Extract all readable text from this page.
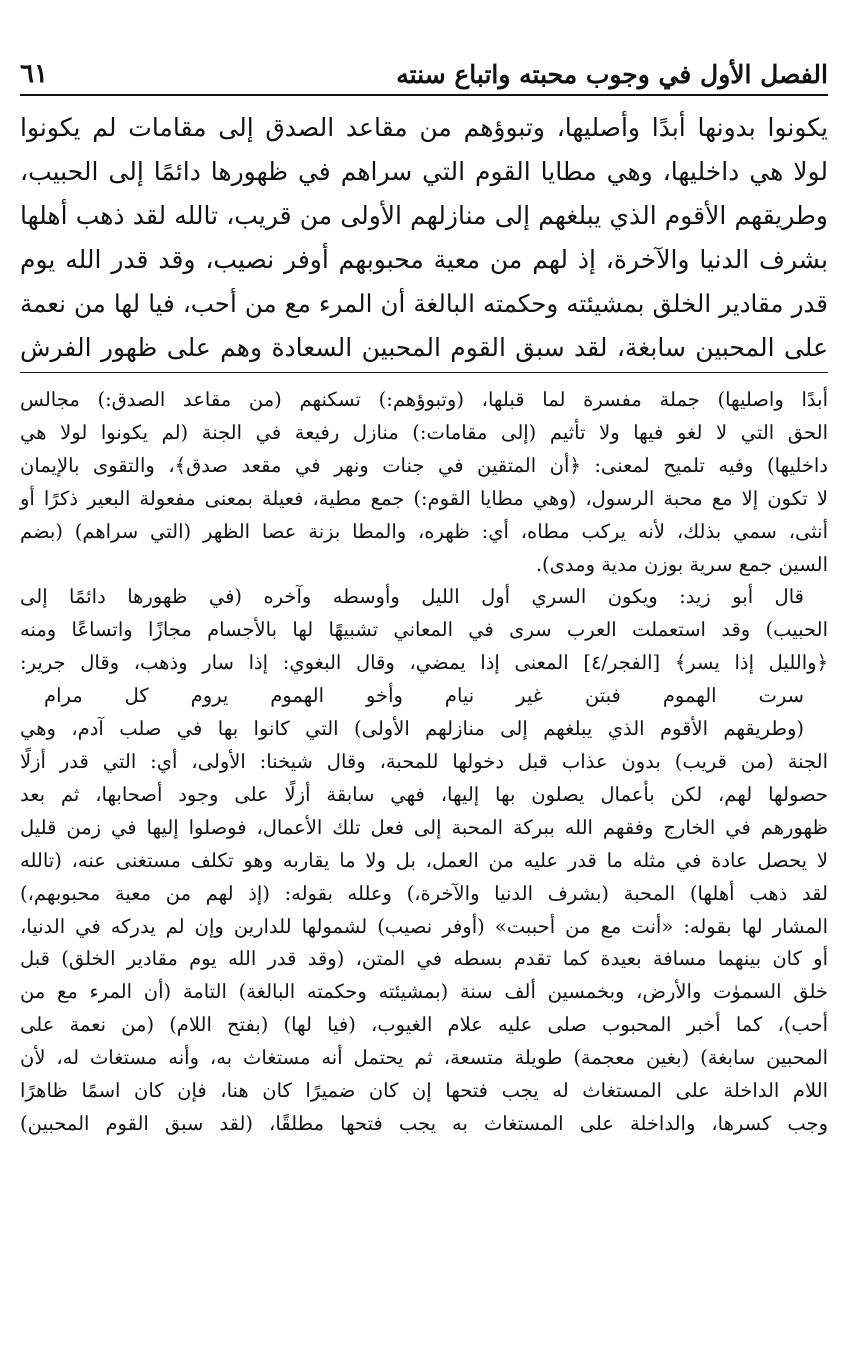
الفصل الأول في وجوب محبته واتباع سنته
٦١

يكونوا بدونها أبدًا وأصليها، وتبوؤهم من مقاعد الصدق إلى مقامات لم يكونوا

لولا هي داخليها، وهي مطايا القوم التي سراهم في ظهورها دائمًا إلى الحبيب،

وطريقهم الأقوم الذي يبلغهم إلى منازلهم الأولى من قريب، تالله لقد ذهب أهلها

بشرف الدنيا والآخرة، إذ لهم من معية محبوبهم أوفر نصيب، وقد قدر الله يوم

قدر مقادير الخلق بمشيئته وحكمته البالغة أن المرء مع من أحب، فيا لها من نعمة

على المحبين سابغة، لقد سبق القوم المحبين السعادة وهم على ظهور الفرش

أبدًا واصليها) جملة مفسرة لما قبلها، (وتبوؤهم:) تسكنهم (من مقاعد الصدق:) مجالس

الحق التي لا لغو فيها ولا تأثيم (إلى مقامات:) منازل رفيعة في الجنة (لم يكونوا لولا هي

داخليها) وفيه تلميح لمعنى: ﴿أن المتقين في جنات ونهر في مقعد صدق﴾، والتقوى بالإيمان

لا تكون إلا مع محبة الرسول، (وهي مطايا القوم:) جمع مطية، فعيلة بمعنى مفعولة البعير ذكرًا أو

أنثى، سمي بذلك، لأنه يركب مطاه، أي: ظهره، والمطا بزنة عصا الظهر (التي سراهم) (بضم

السين جمع سرية بوزن مدية ومدى).

قال أبو زيد: ويكون السري أول الليل وأوسطه وآخره (في ظهورها دائمًا إلى

الحبيب) وقد استعملت العرب سرى في المعاني تشبيهًا لها بالأجسام مجازًا واتساعًا ومنه

﴿والليل إذا يسر﴾ [الفجر/٤] المعنى إذا يمضي، وقال البغوي: إذا سار وذهب، وقال جرير:

سرت الهموم فبتن غير نيام وأخو الهموم يروم كل مرام

(وطريقهم الأقوم الذي يبلغهم إلى منازلهم الأولى) التي كانوا بها في صلب آدم، وهي

الجنة (من قريب) بدون عذاب قبل دخولها للمحبة، وقال شيخنا: الأولى، أي: التي قدر أزلًا

حصولها لهم، لكن بأعمال يصلون بها إليها، فهي سابقة أزلًا على وجود أصحابها، ثم بعد

ظهورهم في الخارج وفقهم الله ببركة المحبة إلى فعل تلك الأعمال، فوصلوا إليها في زمن قليل

لا يحصل عادة في مثله ما قدر عليه من العمل، بل ولا ما يقاربه وهو تكلف مستغنى عنه، (تالله

لقد ذهب أهلها) المحبة (بشرف الدنيا والآخرة،) وعلله بقوله: (إذ لهم من معية محبوبهم،)

المشار لها بقوله: «أنت مع من أحببت» (أوفر نصيب) لشمولها للدارين وإن لم يدركه في الدنيا،

أو كان بينهما مسافة بعيدة كما تقدم بسطه في المتن، (وقد قدر الله يوم مقادير الخلق) قبل

خلق السموٰت والأرض، وبخمسين ألف سنة (بمشيئته وحكمته البالغة) التامة (أن المرء مع من

أحب)، كما أخبر المحبوب صلى عليه علام الغيوب، (فيا لها) (بفتح اللام) (من نعمة على

المحبين سابغة) (بغين معجمة) طويلة متسعة، ثم يحتمل أنه مستغاث به، وأنه مستغاث له، لأن

اللام الداخلة على المستغاث له يجب فتحها إن كان ضميرًا كان هنا، فإن كان اسمًا ظاهرًا

وجب كسرها، والداخلة على المستغاث به يجب فتحها مطلقًا، (لقد سبق القوم المحبين)
